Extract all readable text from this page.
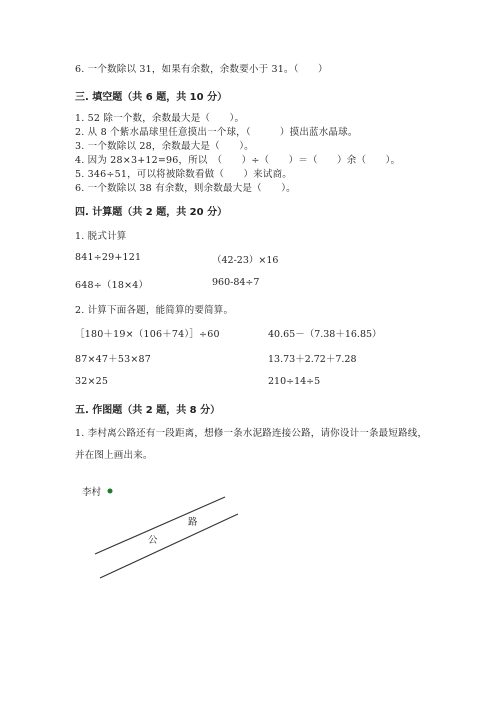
6. 一个数除以 31，如果有余数，余数要小于 31。（　　）
三. 填空题（共 6 题，共 10 分）
1. 52 除一个数，余数最大是（　　）。
2. 从 8 个紫水晶球里任意摸出一个球，（　　　）摸出蓝水晶球。
3. 一个数除以 28，余数最大是（　　）。
4. 因为 28×3+12=96，所以　（　　）÷（　　）＝（　　）余（　　）。
5. 346÷51，可以将被除数看做（　　）来试商。
6. 一个数除以 38 有余数，则余数最大是（　　）。
四. 计算题（共 2 题，共 20 分）
1. 脱式计算
841÷29+121	（42-23）×16
648÷（18×4）	960-84÷7
2. 计算下面各题，能简算的要简算。
［180＋19×（106＋74）］÷60	40.65－（7.38＋16.85）
87×47＋53×87	13.73＋2.72＋7.28
32×25	210÷14÷5
五. 作图题（共 2 题，共 8 分）
1. 李村离公路还有一段距离，想修一条水泥路连接公路，请你设计一条最短路线，
并在图上画出来。
李村
公
路
